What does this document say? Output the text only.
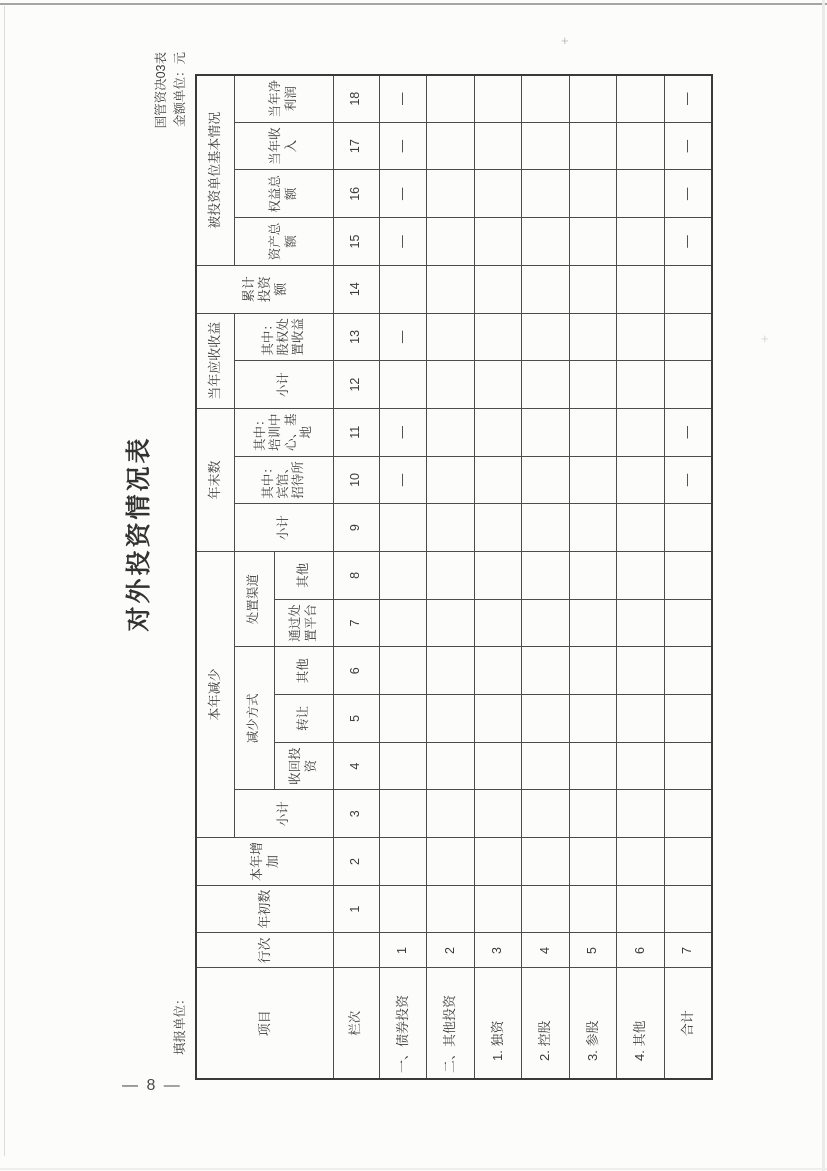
+
+
对外投资情况表
国管资决03表 金额单位：元
填报单位：	项目	行次	年初数	本年增加	本年减少						年末数			当年应收收益		累计投资额	被投资单位基本情况			
				小计	减少方式			处置渠道		小计	其中：宾馆、招待所	其中：培训中心、基地	小计	其中：股权处置收益		资产总额	权益总额	当年收入	当年净利润
					收回投资	转让	其他	通过处置平台	其他										
栏次		1	2	3	4	5	6	7	8	9	10	11	12	13	14	15	16	17	18
一、债券投资	1										—	—		—		—	—	—	—
二、其他投资	2																		
1. 独资	3																		
2. 控股	4																		
3. 参股	5																		
4. 其他	6																		
合计	7										—	—				—	—	—	—
— 8 —
